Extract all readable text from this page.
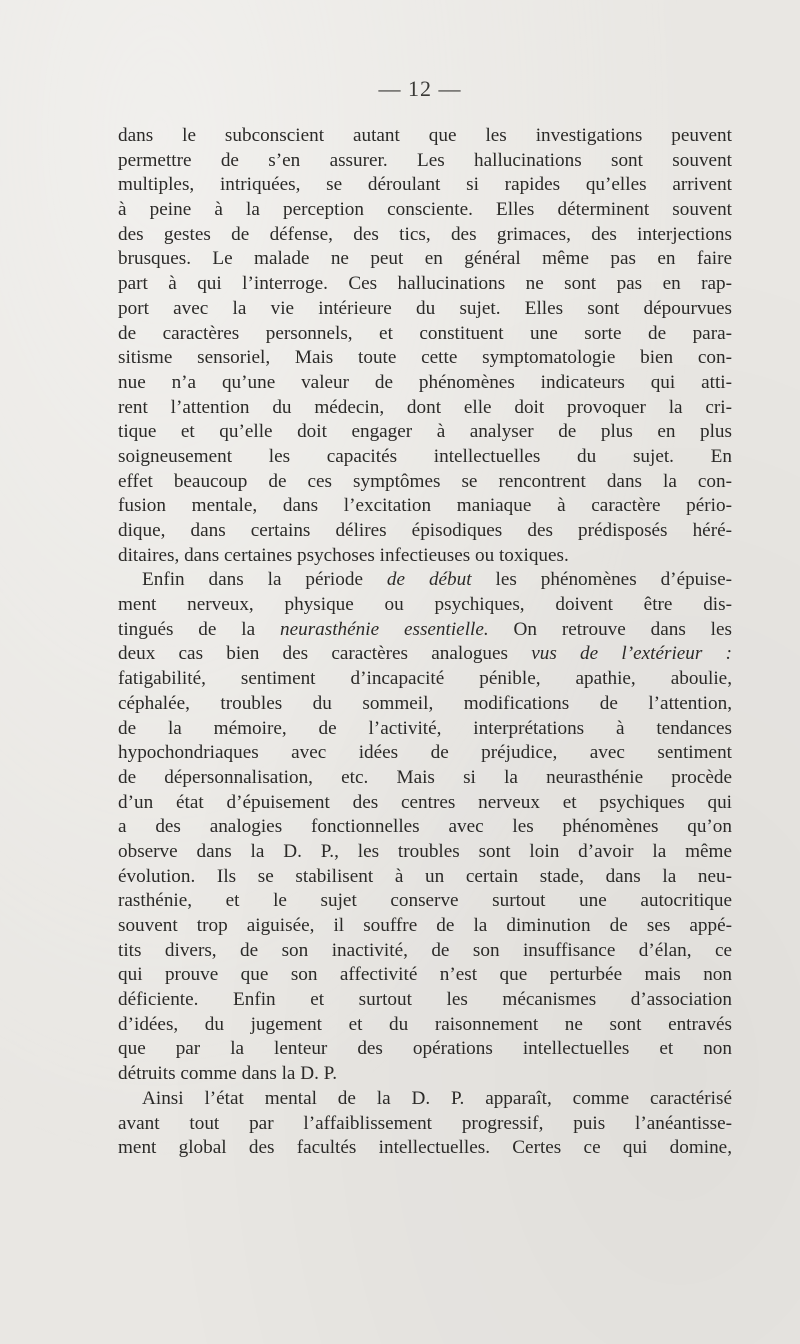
— 12 —
dans le subconscient autant que les investigations peuvent
permettre de s’en assurer. Les hallucinations sont souvent
multiples, intriquées, se déroulant si rapides qu’elles arrivent
à peine à la perception consciente. Elles déterminent souvent
des gestes de défense, des tics, des grimaces, des interjections
brusques. Le malade ne peut en général même pas en faire
part à qui l’interroge. Ces hallucinations ne sont pas en rap-
port avec la vie intérieure du sujet. Elles sont dépourvues
de caractères personnels, et constituent une sorte de para-
sitisme sensoriel, Mais toute cette symptomatologie bien con-
nue n’a qu’une valeur de phénomènes indicateurs qui atti-
rent l’attention du médecin, dont elle doit provoquer la cri-
tique et qu’elle doit engager à analyser de plus en plus
soigneusement les capacités intellectuelles du sujet. En
effet beaucoup de ces symptômes se rencontrent dans la con-
fusion mentale, dans l’excitation maniaque à caractère pério-
dique, dans certains délires épisodiques des prédisposés héré-
ditaires, dans certaines psychoses infectieuses ou toxiques.
Enfin dans la période de début les phénomènes d’épuise-
ment nerveux, physique ou psychiques, doivent être dis-
tingués de la neurasthénie essentielle. On retrouve dans les
deux cas bien des caractères analogues vus de l’extérieur :
fatigabilité, sentiment d’incapacité pénible, apathie, aboulie,
céphalée, troubles du sommeil, modifications de l’attention,
de la mémoire, de l’activité, interprétations à tendances
hypochondriaques avec idées de préjudice, avec sentiment
de dépersonnalisation, etc. Mais si la neurasthénie procède
d’un état d’épuisement des centres nerveux et psychiques qui
a des analogies fonctionnelles avec les phénomènes qu’on
observe dans la D. P., les troubles sont loin d’avoir la même
évolution. Ils se stabilisent à un certain stade, dans la neu-
rasthénie, et le sujet conserve surtout une autocritique
souvent trop aiguisée, il souffre de la diminution de ses appé-
tits divers, de son inactivité, de son insuffisance d’élan, ce
qui prouve que son affectivité n’est que perturbée mais non
déficiente. Enfin et surtout les mécanismes d’association
d’idées, du jugement et du raisonnement ne sont entravés
que par la lenteur des opérations intellectuelles et non
détruits comme dans la D. P.
Ainsi l’état mental de la D. P. apparaît, comme caractérisé
avant tout par l’affaiblissement progressif, puis l’anéantisse-
ment global des facultés intellectuelles. Certes ce qui domine,
